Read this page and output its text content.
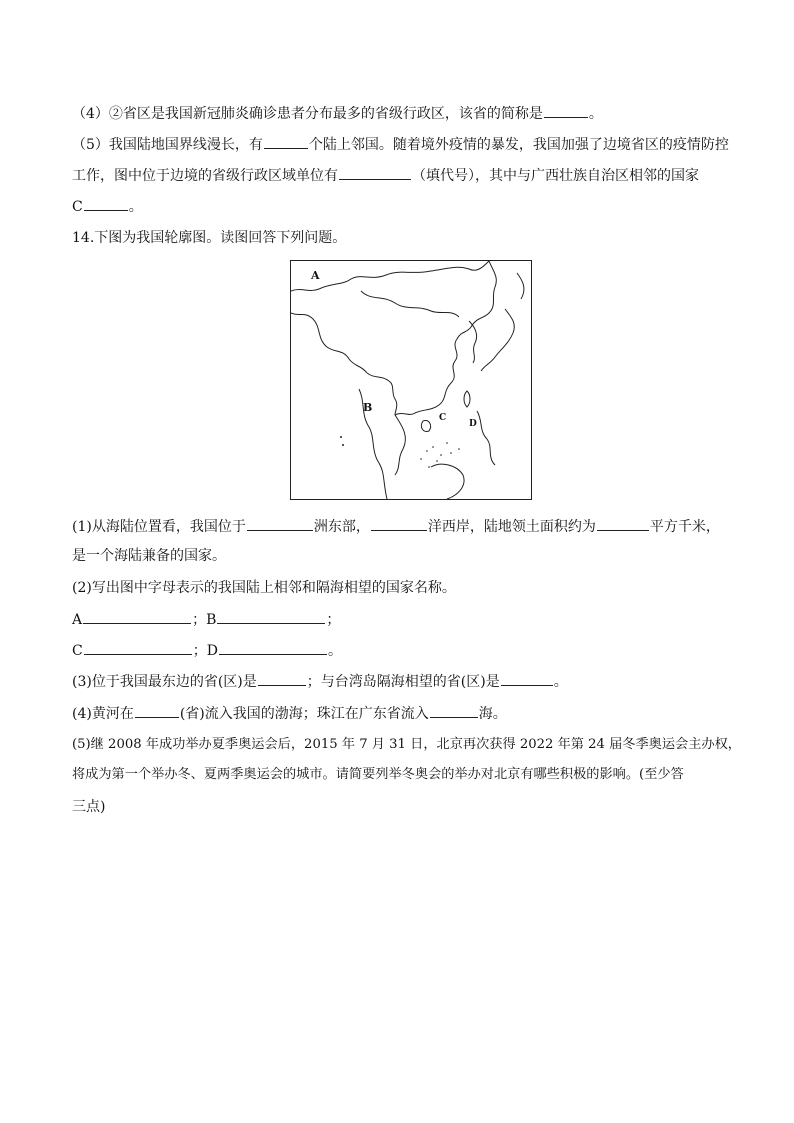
（4）②省区是我国新冠肺炎确诊患者分布最多的省级行政区，该省的简称是	。
（5）我国陆地国界线漫长，有	个陆上邻国。随着境外疫情的暴发，我国加强了边境省区的疫情防控
工作，图中位于边境的省级行政区域单位有	（填代号），其中与广西壮族自治区相邻的国家
C	。
14.下图为我国轮廓图。读图回答下列问题。
A
B
C
D
(1)从海陆位置看，我国位于	洲东部，	洋西岸，陆地领土面积约为	平方千米，
是一个海陆兼备的国家。
(2)写出图中字母表示的我国陆上相邻和隔海相望的国家名称。
A	；B	；
C	；D	。
(3)位于我国最东边的省(区)是	；与台湾岛隔海相望的省(区)是	。
(4)黄河在	(省)流入我国的渤海；珠江在广东省流入	海。
(5)继 2008 年成功举办夏季奥运会后，2015 年 7 月 31 日，北京再次获得 2022 年第 24 届冬季奥运会主办权，
将成为第一个举办冬、夏两季奥运会的城市。请简要列举冬奥会的举办对北京有哪些积极的影响。(至少答
三点)
